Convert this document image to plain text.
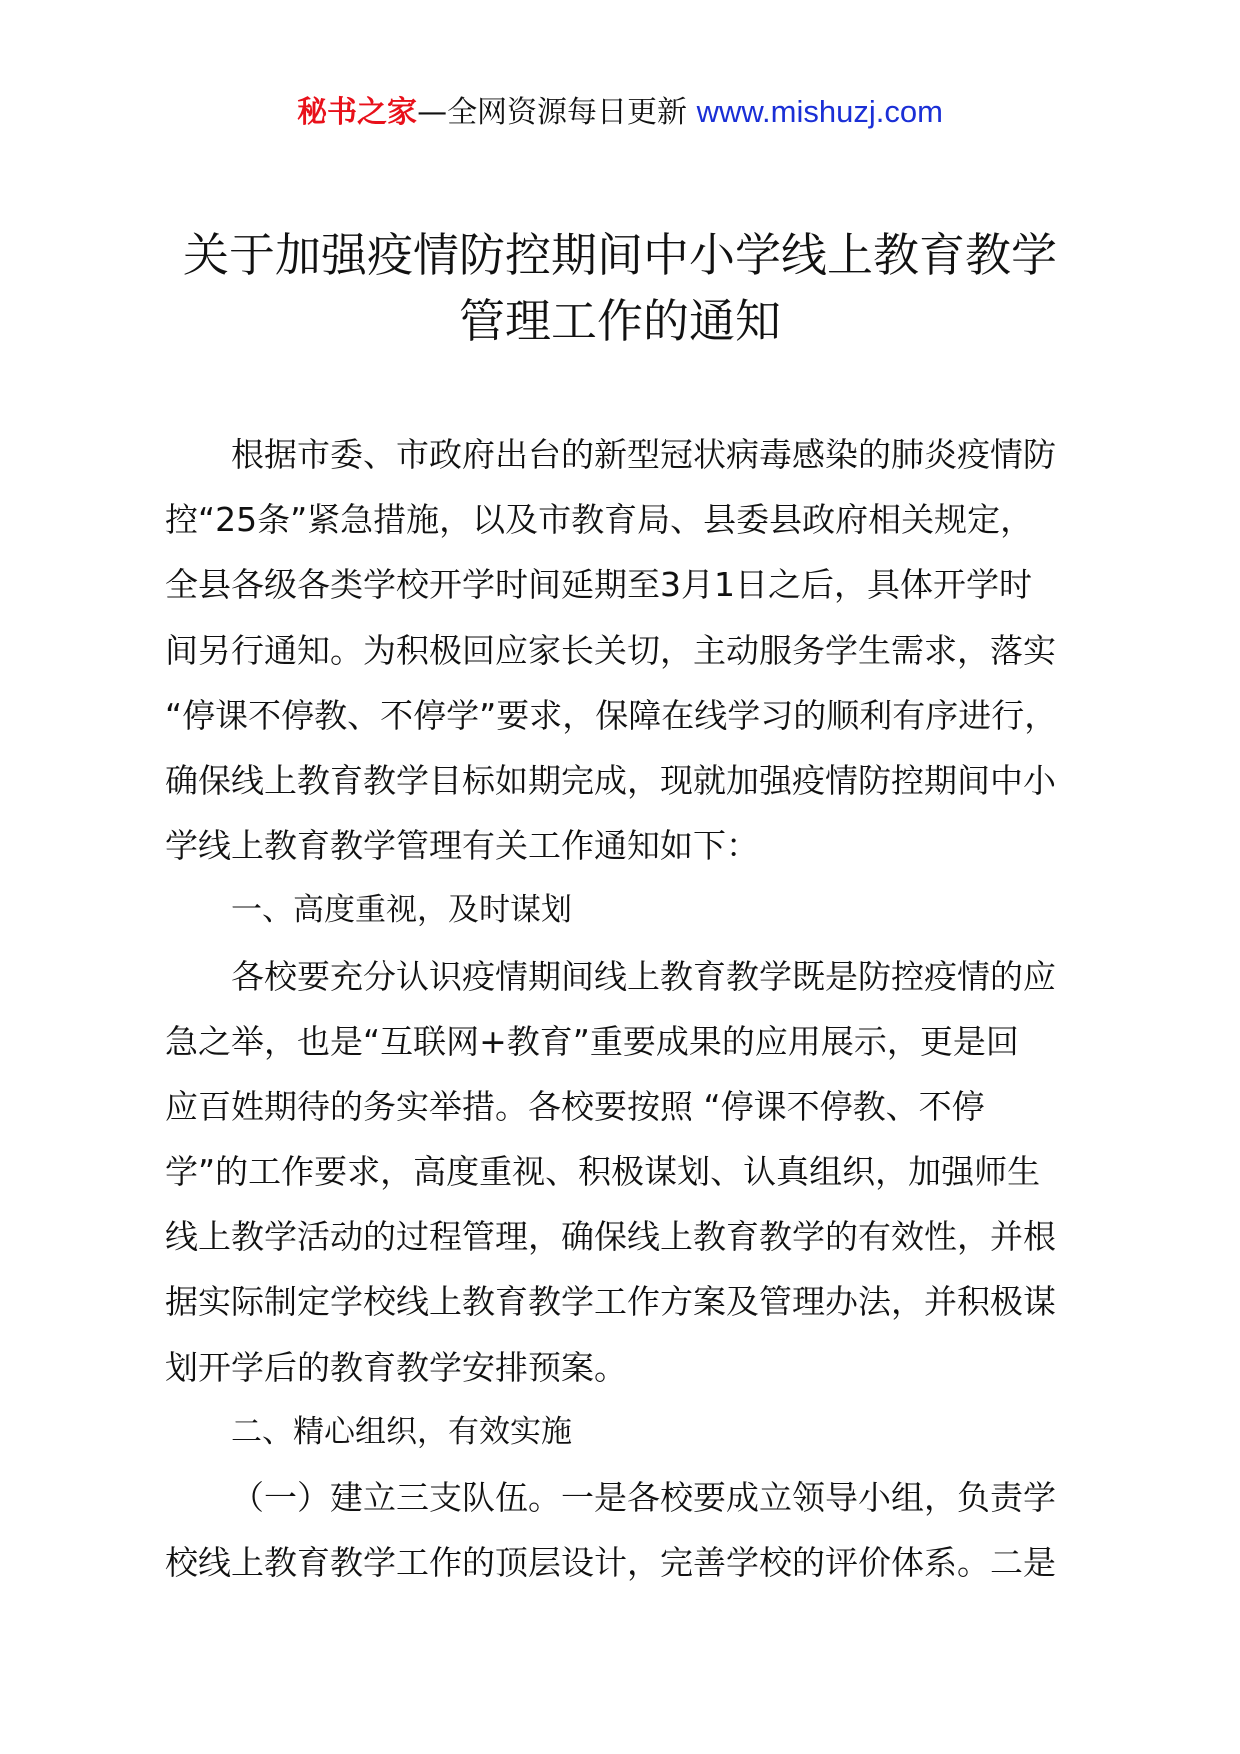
秘书之家—全网资源每日更新 www.mishuzj.com
关于加强疫情防控期间中小学线上教育教学
管理工作的通知
根据市委、市政府出台的新型冠状病毒感染的肺炎疫情防
控“25条”紧急措施，以及市教育局、县委县政府相关规定，
全县各级各类学校开学时间延期至3月1日之后，具体开学时
间另行通知。为积极回应家长关切，主动服务学生需求，落实
“停课不停教、不停学”要求，保障在线学习的顺利有序进行，
确保线上教育教学目标如期完成，现就加强疫情防控期间中小
学线上教育教学管理有关工作通知如下：
一、高度重视，及时谋划
各校要充分认识疫情期间线上教育教学既是防控疫情的应
急之举，也是“互联网+教育”重要成果的应用展示，更是回
应百姓期待的务实举措。各校要按照 “停课不停教、不停
学”的工作要求，高度重视、积极谋划、认真组织，加强师生
线上教学活动的过程管理，确保线上教育教学的有效性，并根
据实际制定学校线上教育教学工作方案及管理办法，并积极谋
划开学后的教育教学安排预案。
二、精心组织，有效实施
（一）建立三支队伍。一是各校要成立领导小组，负责学
校线上教育教学工作的顶层设计，完善学校的评价体系。二是
